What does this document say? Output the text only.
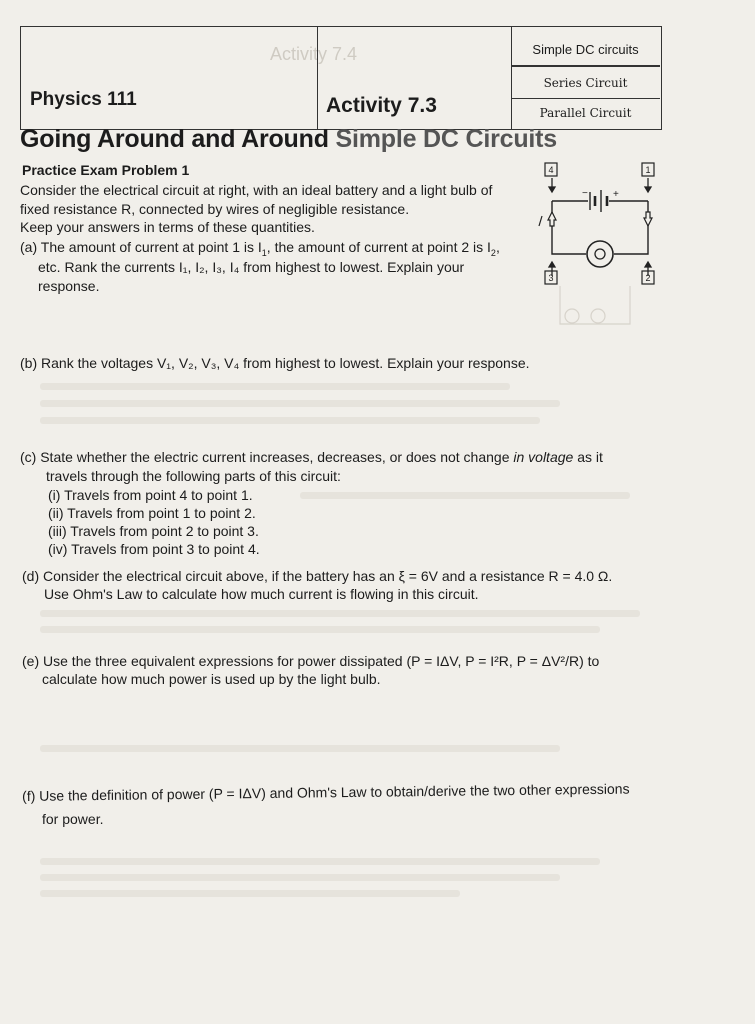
Activity 7.4
Physics 111	Activity 7.3
Simple DC circuits
Series Circuit
Parallel Circuit
Going Around and Around Simple DC Circuits
Practice Exam Problem 1
Consider the electrical circuit at right, with an ideal battery and a light bulb of
fixed resistance R, connected by wires of negligible resistance.
Keep your answers in terms of these quantities.
(a) The amount of current at point 1 is $I_1$, the amount of current at point 2 is $I_2$,
etc. Rank the currents I₁, I₂, I₃, I₄ from highest to lowest. Explain your
response.
−	+
4	1
3	2
(b) Rank the voltages V₁, V₂, V₃, V₄ from highest to lowest. Explain your response.
(c) State whether the electric current increases, decreases, or does not change in voltage as it
travels through the following parts of this circuit:
(i) Travels from point 4 to point 1.
(ii) Travels from point 1 to point 2.
(iii) Travels from point 2 to point 3.
(iv) Travels from point 3 to point 4.
(d) Consider the electrical circuit above, if the battery has an ξ = 6V and a resistance R = 4.0 Ω.
Use Ohm's Law to calculate how much current is flowing in this circuit.
(e) Use the three equivalent expressions for power dissipated (P = IΔV, P = I²R, P = ΔV²/R) to
calculate how much power is used up by the light bulb.
(f) Use the definition of power (P = IΔV) and Ohm's Law to obtain/derive the two other expressions
for power.
